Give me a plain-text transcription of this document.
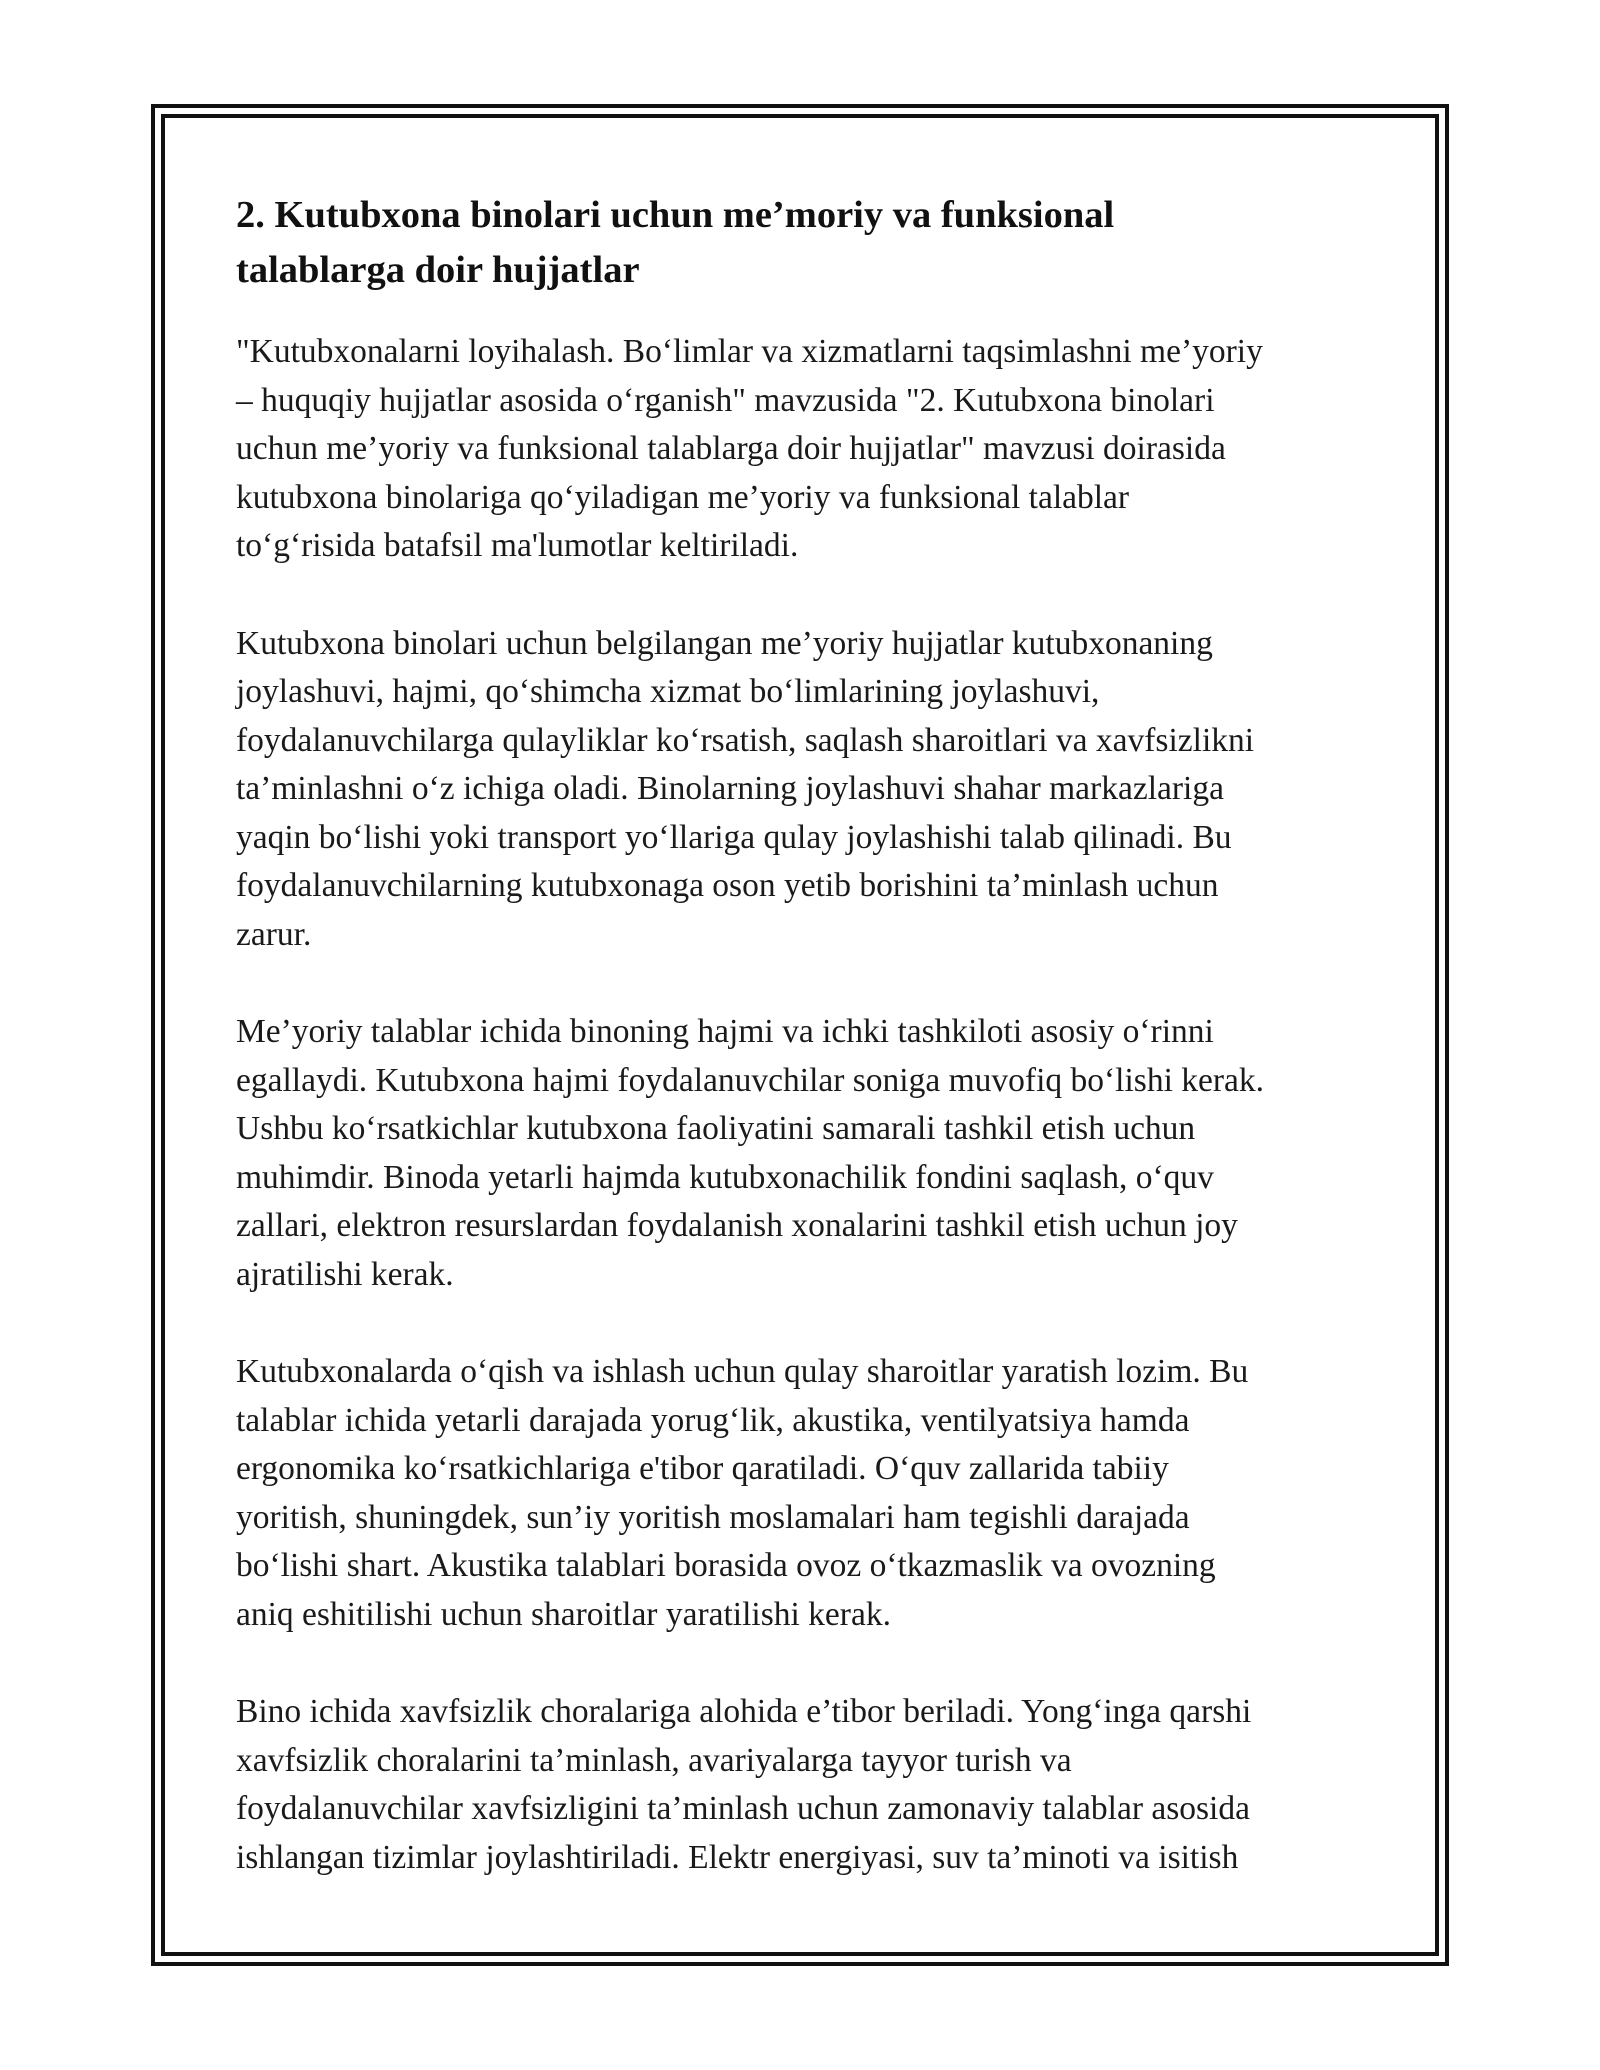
2. Kutubxona binolari uchun me’moriy va funksional
talablarga doir hujjatlar

"Kutubxonalarni loyihalash. Bo‘limlar va xizmatlarni taqsimlashni me’yoriy
– huquqiy hujjatlar asosida o‘rganish" mavzusida "2. Kutubxona binolari
uchun me’yoriy va funksional talablarga doir hujjatlar" mavzusi doirasida
kutubxona binolariga qo‘yiladigan me’yoriy va funksional talablar
to‘g‘risida batafsil ma'lumotlar keltiriladi.

Kutubxona binolari uchun belgilangan me’yoriy hujjatlar kutubxonaning
joylashuvi, hajmi, qo‘shimcha xizmat bo‘limlarining joylashuvi,
foydalanuvchilarga qulayliklar ko‘rsatish, saqlash sharoitlari va xavfsizlikni
ta’minlashni o‘z ichiga oladi. Binolarning joylashuvi shahar markazlariga
yaqin bo‘lishi yoki transport yo‘llariga qulay joylashishi talab qilinadi. Bu
foydalanuvchilarning kutubxonaga oson yetib borishini ta’minlash uchun
zarur.

Me’yoriy talablar ichida binoning hajmi va ichki tashkiloti asosiy o‘rinni
egallaydi. Kutubxona hajmi foydalanuvchilar soniga muvofiq bo‘lishi kerak.
Ushbu ko‘rsatkichlar kutubxona faoliyatini samarali tashkil etish uchun
muhimdir. Binoda yetarli hajmda kutubxonachilik fondini saqlash, o‘quv
zallari, elektron resurslardan foydalanish xonalarini tashkil etish uchun joy
ajratilishi kerak.

Kutubxonalarda o‘qish va ishlash uchun qulay sharoitlar yaratish lozim. Bu
talablar ichida yetarli darajada yorug‘lik, akustika, ventilyatsiya hamda
ergonomika ko‘rsatkichlariga e'tibor qaratiladi. O‘quv zallarida tabiiy
yoritish, shuningdek, sun’iy yoritish moslamalari ham tegishli darajada
bo‘lishi shart. Akustika talablari borasida ovoz o‘tkazmaslik va ovozning
aniq eshitilishi uchun sharoitlar yaratilishi kerak.

Bino ichida xavfsizlik choralariga alohida e’tibor beriladi. Yong‘inga qarshi
xavfsizlik choralarini ta’minlash, avariyalarga tayyor turish va
foydalanuvchilar xavfsizligini ta’minlash uchun zamonaviy talablar asosida
ishlangan tizimlar joylashtiriladi. Elektr energiyasi, suv ta’minoti va isitish
